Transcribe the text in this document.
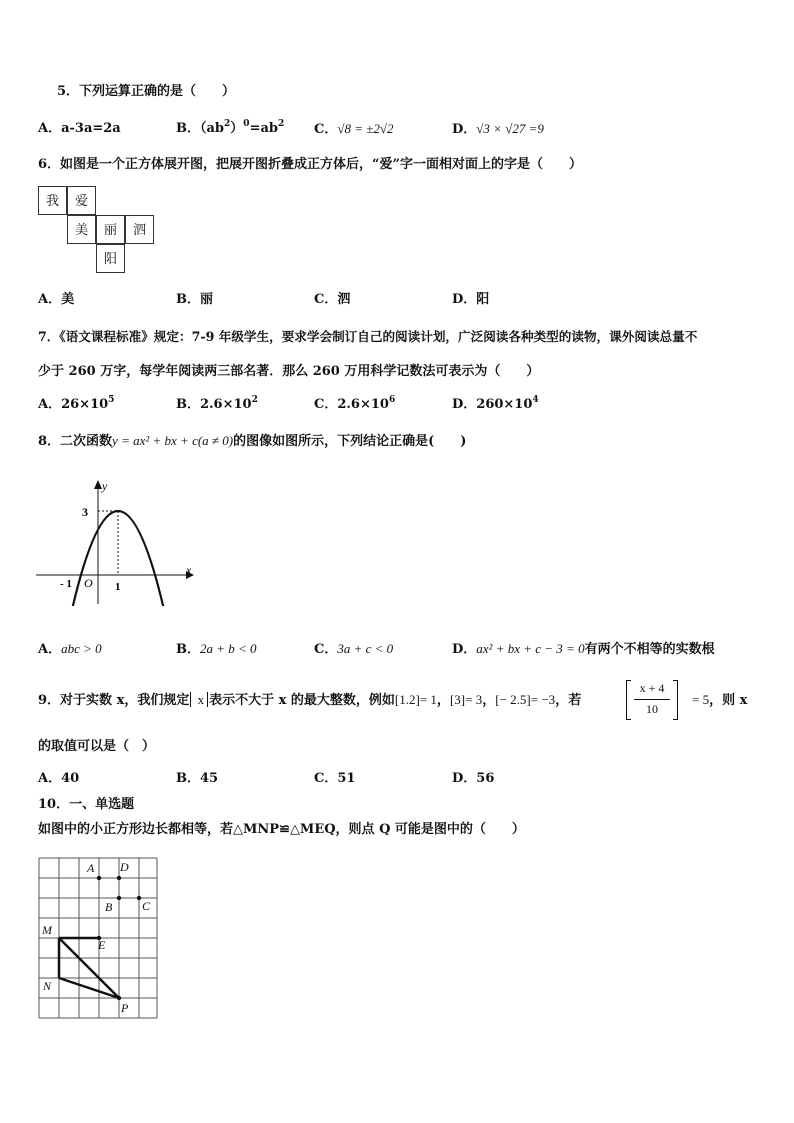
5．下列运算正确的是（　　）
A．a-3a=2a	B．$(ab^2)^0=ab^2$ C．√8 = ±2√2	D．√3 × √27 =9
6．如图是一个正方体展开图，把展开图折叠成正方体后，“爱”字一面相对面上的字是（　　）
我	爱
美	丽	泗
阳
A．美	B．丽	C．泗	D．阳
7．《语文课程标准》规定：7-9 年级学生，要求学会制订自己的阅读计划，广泛阅读各种类型的读物，课外阅读总量不
少于 260 万字，每学年阅读两三部名著．那么 260 万用科学记数法可表示为（　　）
A．$26\times 10^5$	B．$2.6\times 10^2$	C．$2.6\times 10^6$	D．$260\times 10^4$
8．二次函数y = ax² + bx + c(a ≠ 0)的图像如图所示，下列结论正确是(　　)
y
x
O
3
1
- 1
A．abc > 0	B．2a + b < 0	C．3a + c < 0	D．ax² + bx + c − 3 = 0有两个不相等的实数根
9．对于实数 x，我们规定 x 表示不大于 x 的最大整数，例如[1.2]= 1，[3]= 3，[− 2.5]= −3，若
x + 4
10
= 5，则 x
的取值可以是（　）
A．40	B．45	C．51	D．56
10．一、单选题
如图中的小正方形边长都相等，若△MNP≌△MEQ，则点 Q 可能是图中的（　　）
A D
B C
M
E
N
P
